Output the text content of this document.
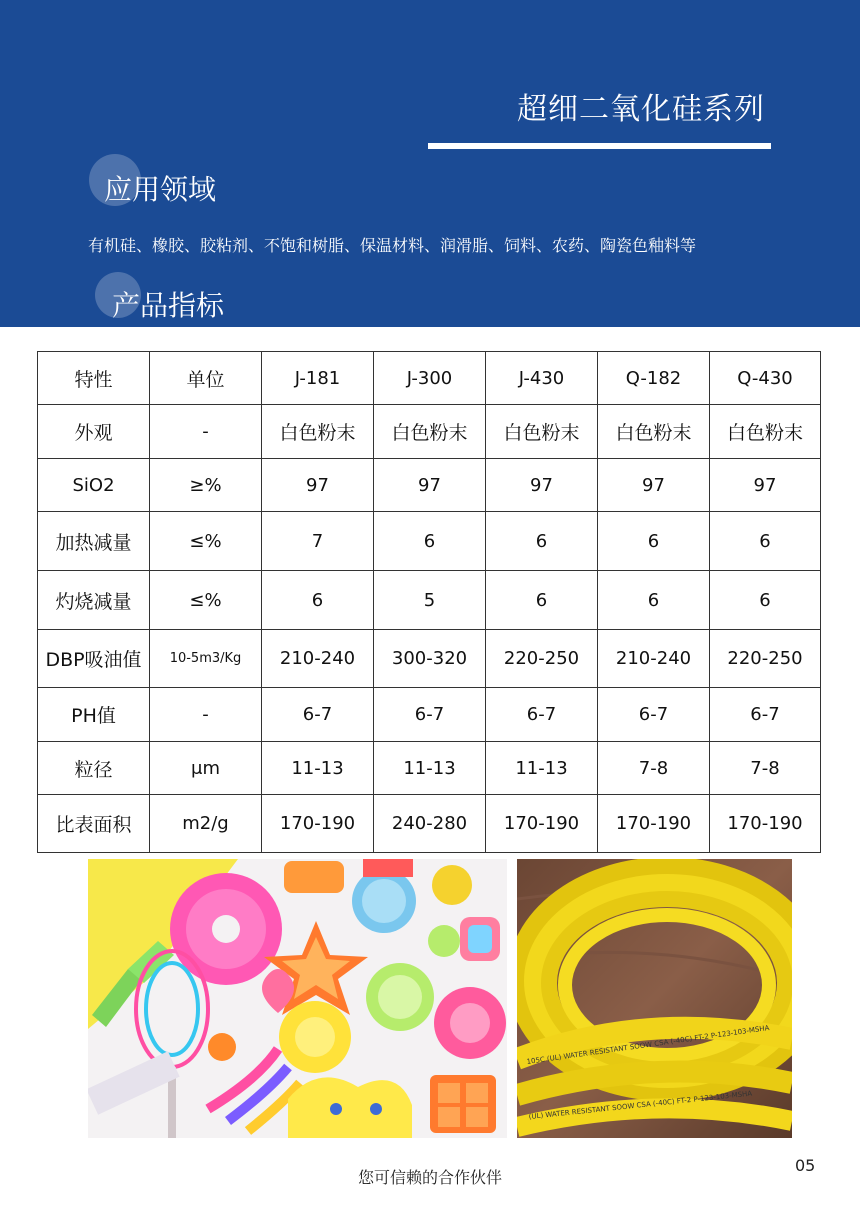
超细二氧化硅系列
应用领域
有机硅、橡胶、胶粘剂、不饱和树脂、保温材料、润滑脂、饲料、农药、陶瓷色釉料等
产品指标
特性	单位	J-181	J-300	J-430	Q-182	Q-430
外观	-	白色粉末	白色粉末	白色粉末	白色粉末	白色粉末
SiO2	≥%	97	97	97	97	97
加热减量	≤%	7	6	6	6	6
灼烧减量	≤%	6	5	6	6	6
DBP吸油值	10-5m3/Kg	210-240	300-320	220-250	210-240	220-250
PH值	-	6-7	6-7	6-7	6-7	6-7
粒径	μm	11-13	11-13	11-13	7-8	7-8
比表面积	m2/g	170-190	240-280	170-190	170-190	170-190
105C (UL) WATER RESISTANT SOOW CSA (-40C) FT-2 P-123-103-MSHA
(UL) WATER RESISTANT SOOW CSA (-40C) FT-2 P-123-103-MSHA
您可信赖的合作伙伴
05
